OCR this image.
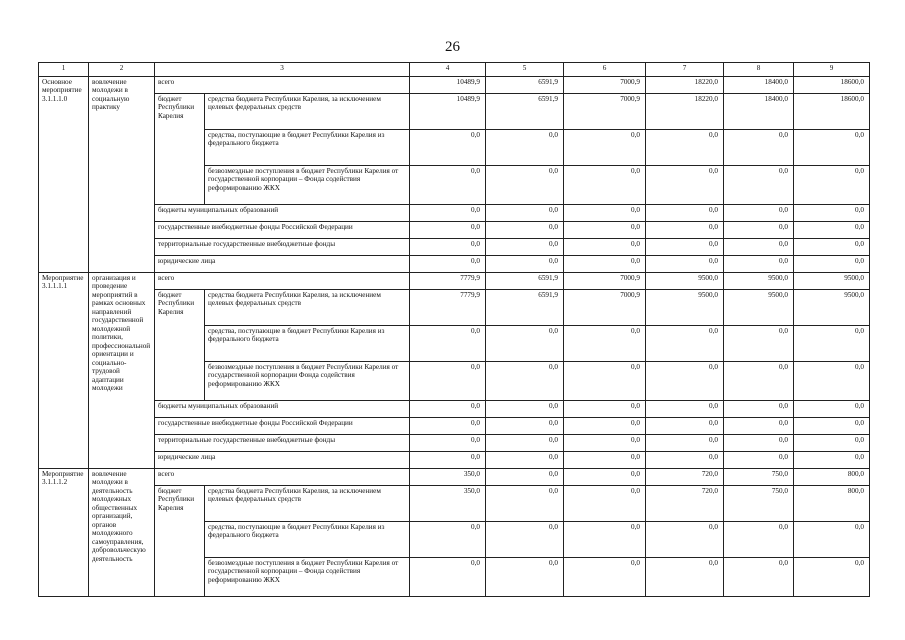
26
1	2	3		4	5	6	7	8	9
Основное мероприятие 3.1.1.1.0	вовлечение молодежи в социальную практику	всего		10489,9	6591,9	7000,9	18220,0	18400,0	18600,0
		бюджет Республики Карелия	средства бюджета Республики Карелия, за исключением целевых федеральных средств	10489,9	6591,9	7000,9	18220,0	18400,0	18600,0
			средства, поступающие в бюджет Республики Карелия из федерального бюджета	0,0	0,0	0,0	0,0	0,0	0,0
			безвозмездные поступления в бюджет Республики Карелия от государственной корпорации – Фонда содействия реформированию ЖКХ	0,0	0,0	0,0	0,0	0,0	0,0
		бюджеты муниципальных образований		0,0	0,0	0,0	0,0	0,0	0,0
		государственные внебюджетные фонды Российской Федерации		0,0	0,0	0,0	0,0	0,0	0,0
		территориальные государственные внебюджетные фонды		0,0	0,0	0,0	0,0	0,0	0,0
		юридические лица		0,0	0,0	0,0	0,0	0,0	0,0
Мероприятие 3.1.1.1.1	организация и проведение мероприятий в рамках основных направлений государственной молодежной политики, профессиональной ориентации и социально-трудовой адаптации молодежи	всего		7779,9	6591,9	7000,9	9500,0	9500,0	9500,0
		бюджет Республики Карелия	средства бюджета Республики Карелия, за исключением целевых федеральных средств	7779,9	6591,9	7000,9	9500,0	9500,0	9500,0
			средства, поступающие в бюджет Республики Карелия из федерального бюджета	0,0	0,0	0,0	0,0	0,0	0,0
			безвозмездные поступления в бюджет Республики Карелия от государственной корпорации Фонда содействия реформированию ЖКХ	0,0	0,0	0,0	0,0	0,0	0,0
		бюджеты муниципальных образований		0,0	0,0	0,0	0,0	0,0	0,0
		государственные внебюджетные фонды Российской Федерации		0,0	0,0	0,0	0,0	0,0	0,0
		территориальные государственные внебюджетные фонды		0,0	0,0	0,0	0,0	0,0	0,0
		юридические лица		0,0	0,0	0,0	0,0	0,0	0,0
Мероприятие 3.1.1.1.2	вовлечение молодежи в деятельность молодежных общественных организаций, органов молодежного самоуправления, добровольческую деятельность	всего		350,0	0,0	0,0	720,0	750,0	800,0
		бюджет Республики Карелия	средства бюджета Республики Карелия, за исключением целевых федеральных средств	350,0	0,0	0,0	720,0	750,0	800,0
			средства, поступающие в бюджет Республики Карелия из федерального бюджета	0,0	0,0	0,0	0,0	0,0	0,0
			безвозмездные поступления в бюджет Республики Карелия от государственной корпорации – Фонда содействия реформированию ЖКХ	0,0	0,0	0,0	0,0	0,0	0,0
